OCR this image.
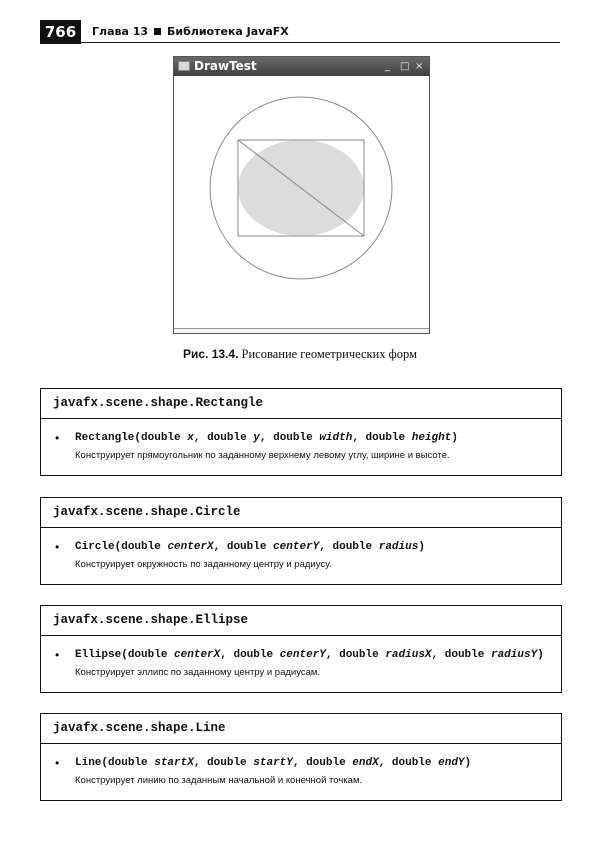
766	Глава 13 Библиотека JavaFX
DrawTest	_ □ ×
Рис. 13.4. Рисование геометрических форм
javafx.scene.shape.Rectangle
• Rectangle(double x, double y, double width, double height)
Конструирует прямоугольник по заданному верхнему левому углу, ширине и высоте.
javafx.scene.shape.Circle
• Circle(double centerX, double centerY, double radius)
Конструирует окружность по заданному центру и радиусу.
javafx.scene.shape.Ellipse
• Ellipse(double centerX, double centerY, double radiusX, double radiusY)
Конструирует эллипс по заданному центру и радиусам.
javafx.scene.shape.Line
• Line(double startX, double startY, double endX, double endY)
Конструирует линию по заданным начальной и конечной точкам.
